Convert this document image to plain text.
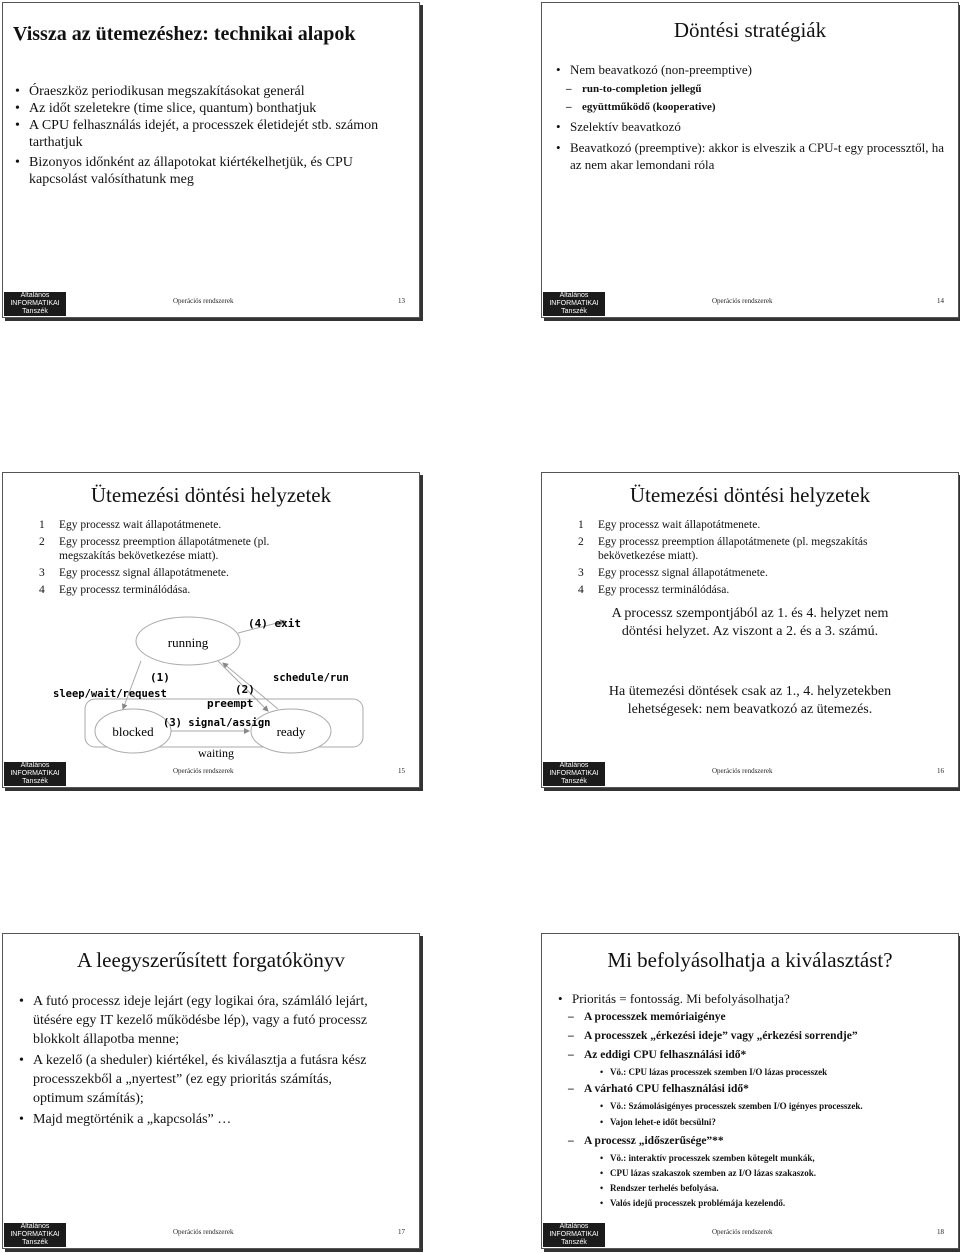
Vissza az ütemezéshez: technikai alapok
• Óraeszköz periodikusan megszakításokat generál
• Az időt szeletekre (time slice, quantum) bonthatjuk
• A CPU felhasználás idejét, a processzek életidejét stb. számon tarthatjuk
• Bizonyos időnként az állapotokat kiértékelhetjük, és CPU kapcsolást valósíthatunk meg
Általános
INFORMATIKAI
Tanszék
Operációs rendszerek	13
Döntési stratégiák
• Nem beavatkozó (non-preemptive)
– run-to-completion jellegű
– együttműködő (kooperative)
• Szelektív beavatkozó
• Beavatkozó (preemptive): akkor is elveszik a CPU-t egy processztől, ha az nem akar lemondani róla
Általános
INFORMATIKAI
Tanszék
Operációs rendszerek	14
Ütemezési döntési helyzetek
1 Egy processz wait állapotátmenete.
2 Egy processz preemption állapotátmenete (pl. megszakítás bekövetkezése miatt).
3 Egy processz signal állapotátmenete.
4 Egy processz terminálódása.
running
blocked	ready
waiting
(4) exit
(1)
sleep/wait/request
schedule/run
(2)
preempt
(3) signal/assign
Általános
INFORMATIKAI
Tanszék
Operációs rendszerek	15
Ütemezési döntési helyzetek
1 Egy processz wait állapotátmenete.
2 Egy processz preemption állapotátmenete (pl. megszakítás bekövetkezése miatt).
3 Egy processz signal állapotátmenete.
4 Egy processz terminálódása.
A processz szempontjából az 1. és 4. helyzet nem döntési helyzet. Az viszont a 2. és a 3. számú.
Ha ütemezési döntések csak az 1., 4. helyzetekben lehetségesek: nem beavatkozó az ütemezés.
Általános
INFORMATIKAI
Tanszék
Operációs rendszerek	16
A leegyszerűsített forgatókönyv
• A futó processz ideje lejárt (egy logikai óra, számláló lejárt, ütésére egy IT kezelő működésbe lép), vagy a futó processz blokkolt állapotba menne;
• A kezelő (a sheduler) kiértékel, és kiválasztja a futásra kész processzekből a „nyertest” (ez egy prioritás számítás, optimum számítás);
• Majd megtörténik a „kapcsolás” …
Általános
INFORMATIKAI
Tanszék
Operációs rendszerek	17
Mi befolyásolhatja a kiválasztást?
• Prioritás = fontosság. Mi befolyásolhatja?
– A processzek memóriaigénye
– A processzek „érkezési ideje” vagy „érkezési sorrendje”
– Az eddigi CPU felhasználási idő*
• Vö.: CPU lázas processzek szemben I/O lázas processzek
– A várható CPU felhasználási idő*
• Vö.: Számolásigényes processzek szemben I/O igényes processzek.
• Vajon lehet-e időt becsülni?
– A processz „időszerűsége”**
• Vö.: interaktív processzek szemben kötegelt munkák,
• CPU lázas szakaszok szemben az I/O lázas szakaszok.
• Rendszer terhelés befolyása.
• Valós idejű processzek problémája kezelendő.
Általános
INFORMATIKAI
Tanszék
Operációs rendszerek	18
